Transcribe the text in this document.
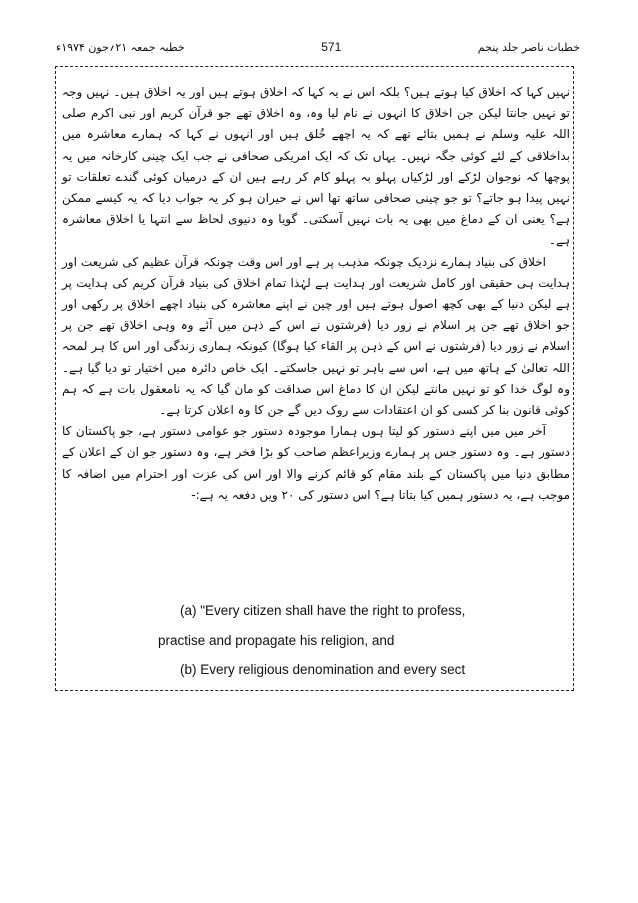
خطبہ جمعہ ۲۱؍جون ۱۹۷۴ء	571	خطبات ناصر جلد پنجم

نہیں کہا کہ اخلاق کیا ہوتے ہیں؟ بلکہ اس نے یہ کہا کہ اخلاق ہوتے ہیں اور یہ اخلاق ہیں۔ نہیں وجہ تو نہیں جانتا لیکن جن اخلاق کا انہوں نے نام لیا وہ، وہ اخلاق تھے جو قرآن کریم اور نبی اکرم صلی اللہ علیہ وسلم نے ہمیں بتائے تھے کہ یہ اچھے خُلق ہیں اور انہوں نے کہا کہ ہمارے معاشرہ میں بداخلاقی کے لئے کوئی جگہ نہیں۔ یہاں تک کہ ایک امریکی صحافی نے جب ایک چینی کارخانہ میں یہ پوچھا کہ نوجوان لڑکے اور لڑکیاں پہلو بہ پہلو کام کر رہے ہیں ان کے درمیان کوئی گندے تعلقات تو نہیں پیدا ہو جاتے؟ تو جو چینی صحافی ساتھ تھا اس نے حیران ہو کر یہ جواب دیا کہ یہ کیسے ممکن ہے؟ یعنی ان کے دماغ میں بھی یہ بات نہیں آسکتی۔ گویا وہ دنیوی لحاظ سے انتہا یا اخلاق معاشرہ ہے۔

اخلاق کی بنیاد ہمارے نزدیک چونکہ مذہب پر ہے اور اس وقت چونکہ قرآن عظیم کی شریعت اور ہدایت ہی حقیقی اور کامل شریعت اور ہدایت ہے لہٰذا تمام اخلاق کی بنیاد قرآن کریم کی ہدایت پر ہے لیکن دنیا کے بھی کچھ اصول ہوتے ہیں اور چین نے اپنے معاشرہ کی بنیاد اچھے اخلاق پر رکھی اور جو اخلاق تھے جن پر اسلام نے زور دیا (فرشتوں نے اس کے ذہن میں آئے وہ وہی اخلاق تھے جن پر اسلام نے زور دیا (فرشتوں نے اس کے ذہن پر القاء کیا ہوگا) کیونکہ ہماری زندگی اور اس کا ہر لمحہ اللہ تعالیٰ کے ہاتھ میں ہے، اس سے باہر تو نہیں جاسکتے۔ ایک خاص دائرہ میں اختیار تو دیا گیا ہے۔ وہ لوگ خدا کو تو نہیں مانتے لیکن ان کا دماغ اس صداقت کو مان گیا کہ یہ نامعقول بات ہے کہ ہم کوئی قانون بنا کر کسی کو ان اعتقادات سے روک دیں گے جن کا وہ اعلان کرتا ہے۔

آخر میں میں اپنے دستور کو لیتا ہوں ہمارا موجودہ دستور جو عوامی دستور ہے، جو پاکستان کا دستور ہے۔ وہ دستور جس پر ہمارے وزیراعظم صاحب کو بڑا فخر ہے، وہ دستور جو ان کے اعلان کے مطابق دنیا میں پاکستان کے بلند مقام کو قائم کرنے والا اور اس کی عزت اور احترام میں اضافہ کا موجب ہے، یہ دستور ہمیں کیا بتاتا ہے؟ اس دستور کی ۲۰ ویں دفعہ یہ ہے:-

(a) "Every citizen shall have the right to profess,
practise and propagate his religion, and
(b) Every religious denomination and every sect
